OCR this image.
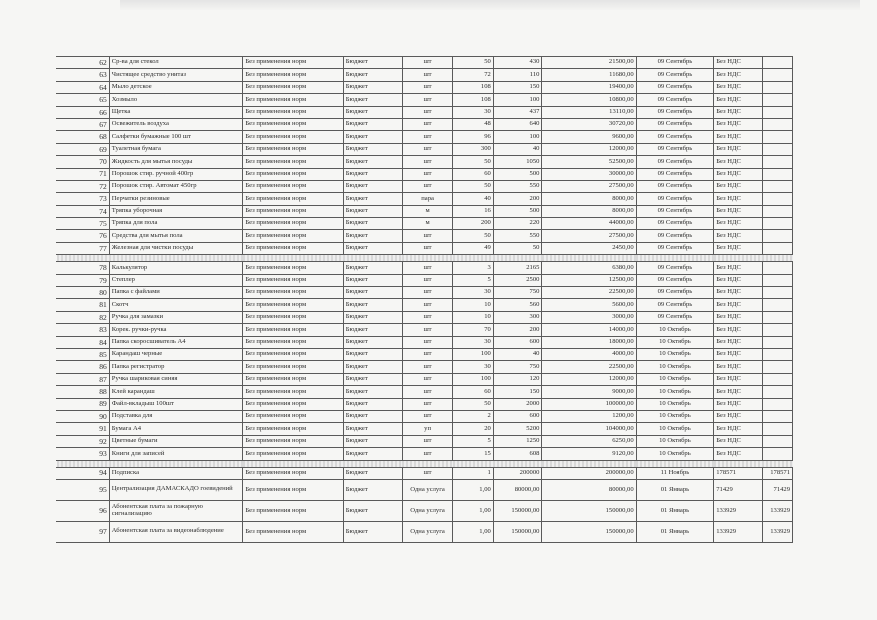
62	Ср-ва для стекол	Без применения норм	Бюджет	шт	50	430	21500,00	09 Сентябрь	Без НДС	
63	Чистящее средство унитаз	Без применения норм	Бюджет	шт	72	110	11680,00	09 Сентябрь	Без НДС	
64	Мыло детское	Без применения норм	Бюджет	шт	108	150	19400,00	09 Сентябрь	Без НДС	
65	Хозмыло	Без применения норм	Бюджет	шт	108	100	10800,00	09 Сентябрь	Без НДС	
66	Щетка	Без применения норм	Бюджет	шт	30	437	13110,00	09 Сентябрь	Без НДС	
67	Освежитель воздуха	Без применения норм	Бюджет	шт	48	640	30720,00	09 Сентябрь	Без НДС	
68	Салфетки бумажные 100 шт	Без применения норм	Бюджет	шт	96	100	9600,00	09 Сентябрь	Без НДС	
69	Туалетная бумага	Без применения норм	Бюджет	шт	300	40	12000,00	09 Сентябрь	Без НДС	
70	Жидкость для мытья посуды	Без применения норм	Бюджет	шт	50	1050	52500,00	09 Сентябрь	Без НДС	
71	Порошок стир. ручной 400гр	Без применения норм	Бюджет	шт	60	500	30000,00	09 Сентябрь	Без НДС	
72	Порошок стир. Автомат 450гр	Без применения норм	Бюджет	шт	50	550	27500,00	09 Сентябрь	Без НДС	
73	Перчатки резиновые	Без применения норм	Бюджет	пара	40	200	8000,00	09 Сентябрь	Без НДС	
74	Тряпка уборочная	Без применения норм	Бюджет	м	16	500	8000,00	09 Сентябрь	Без НДС	
75	Тряпка для пола	Без применения норм	Бюджет	м	200	220	44000,00	09 Сентябрь	Без НДС	
76	Средства для мытья пола	Без применения норм	Бюджет	шт	50	550	27500,00	09 Сентябрь	Без НДС	
77	Железная для чистки посуды	Без применения норм	Бюджет	шт	49	50	2450,00	09 Сентябрь	Без НДС	

78	Калькулятор	Без применения норм	Бюджет	шт	3	2165	6380,00	09 Сентябрь	Без НДС	
79	Степлер	Без применения норм	Бюджет	шт	5	2500	12500,00	09 Сентябрь	Без НДС	
80	Папка с файлами	Без применения норм	Бюджет	шт	30	750	22500,00	09 Сентябрь	Без НДС	
81	Скотч	Без применения норм	Бюджет	шт	10	560	5600,00	09 Сентябрь	Без НДС	
82	Ручка для замазки	Без применения норм	Бюджет	шт	10	300	3000,00	09 Сентябрь	Без НДС	
83	Корек. ручки-ручка	Без применения норм	Бюджет	шт	70	200	14000,00	10 Октябрь	Без НДС	
84	Папка скоросшиватель А4	Без применения норм	Бюджет	шт	30	600	18000,00	10 Октябрь	Без НДС	
85	Карандаш черные	Без применения норм	Бюджет	шт	100	40	4000,00	10 Октябрь	Без НДС	
86	Папка регистратор	Без применения норм	Бюджет	шт	30	750	22500,00	10 Октябрь	Без НДС	
87	Ручка шариковая синяя	Без применения норм	Бюджет	шт	100	120	12000,00	10 Октябрь	Без НДС	
88	Клей карандаш	Без применения норм	Бюджет	шт	60	150	9000,00	10 Октябрь	Без НДС	
89	Файл-вкладыш 100шт	Без применения норм	Бюджет	шт	50	2000	100000,00	10 Октябрь	Без НДС	
90	Подставка для	Без применения норм	Бюджет	шт	2	600	1200,00	10 Октябрь	Без НДС	
91	Бумага А4	Без применения норм	Бюджет	уп	20	5200	104000,00	10 Октябрь	Без НДС	
92	Цветные бумаги	Без применения норм	Бюджет	шт	5	1250	6250,00	10 Октябрь	Без НДС	
93	Книги для записей	Без применения норм	Бюджет	шт	15	608	9120,00	10 Октябрь	Без НДС	

94	Подписка	Без применения норм	Бюджет	шт	1	200000	200000,00	11 Ноябрь	178571	178571
95	Централизация ДАМАСКАДО гоевидений	Без применения норм	Бюджет	Одна услуга	1,00	80000,00	80000,00	01 Январь	71429	71429
96	Абонентская плата за пожарную сигнализацию	Без применения норм	Бюджет	Одна услуга	1,00	150000,00	150000,00	01 Январь	133929	133929
97	Абонентская плата за видеонаблюдение	Без применения норм	Бюджет	Одна услуга	1,00	150000,00	150000,00	01 Январь	133929	133929
